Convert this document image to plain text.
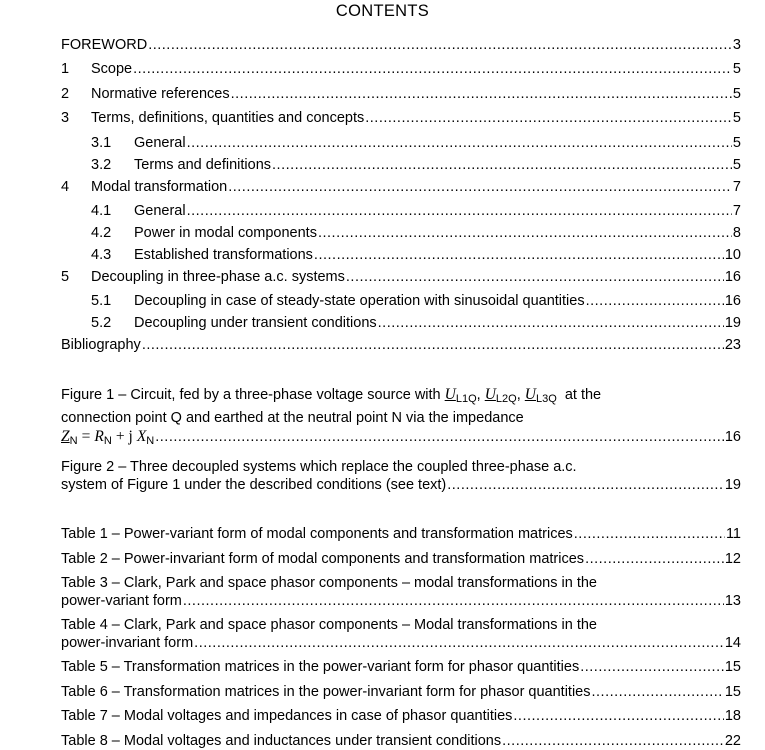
CONTENTS
FOREWORD .....	3
1	Scope .....	5
2	Normative references .....	5
3	Terms, definitions, quantities and concepts .....	5
3.1	General .....	5
3.2	Terms and definitions .....	5
4	Modal transformation .....	7
4.1	General .....	7
4.2	Power in modal components .....	8
4.3	Established transformations .....	10
5	Decoupling in three-phase a.c. systems .....	16
5.1	Decoupling in case of steady-state operation with sinusoidal quantities .....	16
5.2	Decoupling under transient conditions .....	19
Bibliography .....	23
Figure 1 – Circuit, fed by a three-phase voltage source with $U_{L1Q}$, $U_{L2Q}$, $U_{L3Q}$ at the
connection point Q and earthed at the neutral point N via the impedance
$Z_N = R_N + j$ $X_N$ .....	16
Figure 2 – Three decoupled systems which replace the coupled three-phase a.c.
system of Figure 1 under the described conditions (see text) .....	19
Table 1 – Power-variant form of modal components and transformation matrices .....	11
Table 2 – Power-invariant form of modal components and transformation matrices .....	12
Table 3 – Clark, Park and space phasor components – modal transformations in the
power-variant form .....	13
Table 4 – Clark, Park and space phasor components – Modal transformations in the
power-invariant form .....	14
Table 5 – Transformation matrices in the power-variant form for phasor quantities .....	15
Table 6 – Transformation matrices in the power-invariant form for phasor quantities .....	15
Table 7 – Modal voltages and impedances in case of phasor quantities .....	18
Table 8 – Modal voltages and inductances under transient conditions .....	22
